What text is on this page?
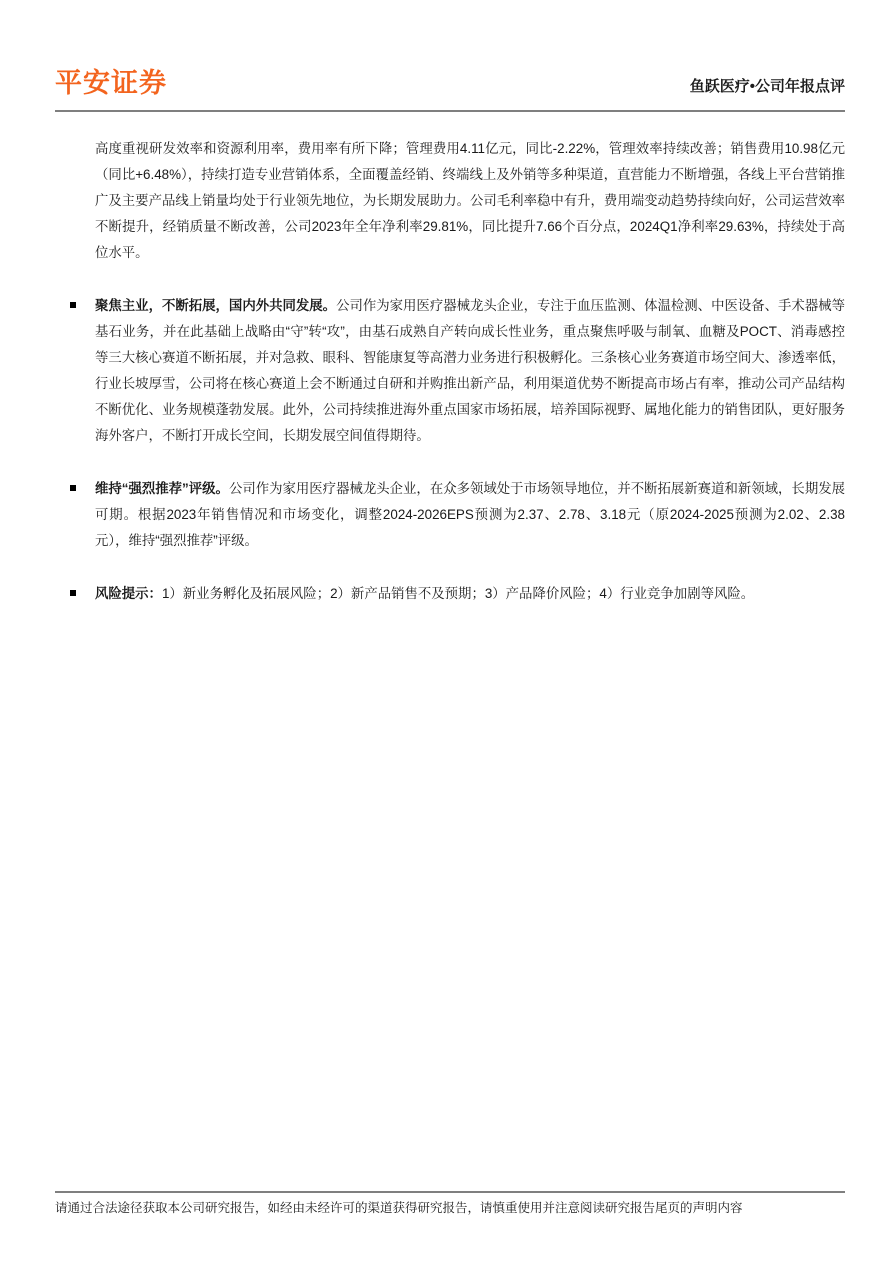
平安证券	鱼跃医疗•公司年报点评
高度重视研发效率和资源利用率，费用率有所下降；管理费用4.11亿元，同比-2.22%，管理效率持续改善；销售费用10.98亿元（同比+6.48%），持续打造专业营销体系，全面覆盖经销、终端线上及外销等多种渠道，直营能力不断增强，各线上平台营销推广及主要产品线上销量均处于行业领先地位，为长期发展助力。公司毛利率稳中有升，费用端变动趋势持续向好，公司运营效率不断提升，经销质量不断改善，公司2023年全年净利率29.81%，同比提升7.66个百分点，2024Q1净利率29.63%，持续处于高位水平。
聚焦主业，不断拓展，国内外共同发展。公司作为家用医疗器械龙头企业，专注于血压监测、体温检测、中医设备、手术器械等基石业务，并在此基础上战略由“守”转“攻”，由基石成熟自产转向成长性业务，重点聚焦呼吸与制氧、血糖及POCT、消毒感控等三大核心赛道不断拓展，并对急救、眼科、智能康复等高潜力业务进行积极孵化。三条核心业务赛道市场空间大、渗透率低，行业长坡厚雪，公司将在核心赛道上会不断通过自研和并购推出新产品，利用渠道优势不断提高市场占有率，推动公司产品结构不断优化、业务规模蓬勃发展。此外，公司持续推进海外重点国家市场拓展，培养国际视野、属地化能力的销售团队，更好服务海外客户，不断打开成长空间，长期发展空间值得期待。
维持“强烈推荐”评级。公司作为家用医疗器械龙头企业，在众多领域处于市场领导地位，并不断拓展新赛道和新领域，长期发展可期。根据2023年销售情况和市场变化，调整2024-2026EPS预测为2.37、2.78、3.18元（原2024-2025预测为2.02、2.38元），维持“强烈推荐”评级。
风险提示：1）新业务孵化及拓展风险；2）新产品销售不及预期；3）产品降价风险；4）行业竞争加剧等风险。
请通过合法途径获取本公司研究报告，如经由未经许可的渠道获得研究报告，请慎重使用并注意阅读研究报告尾页的声明内容
